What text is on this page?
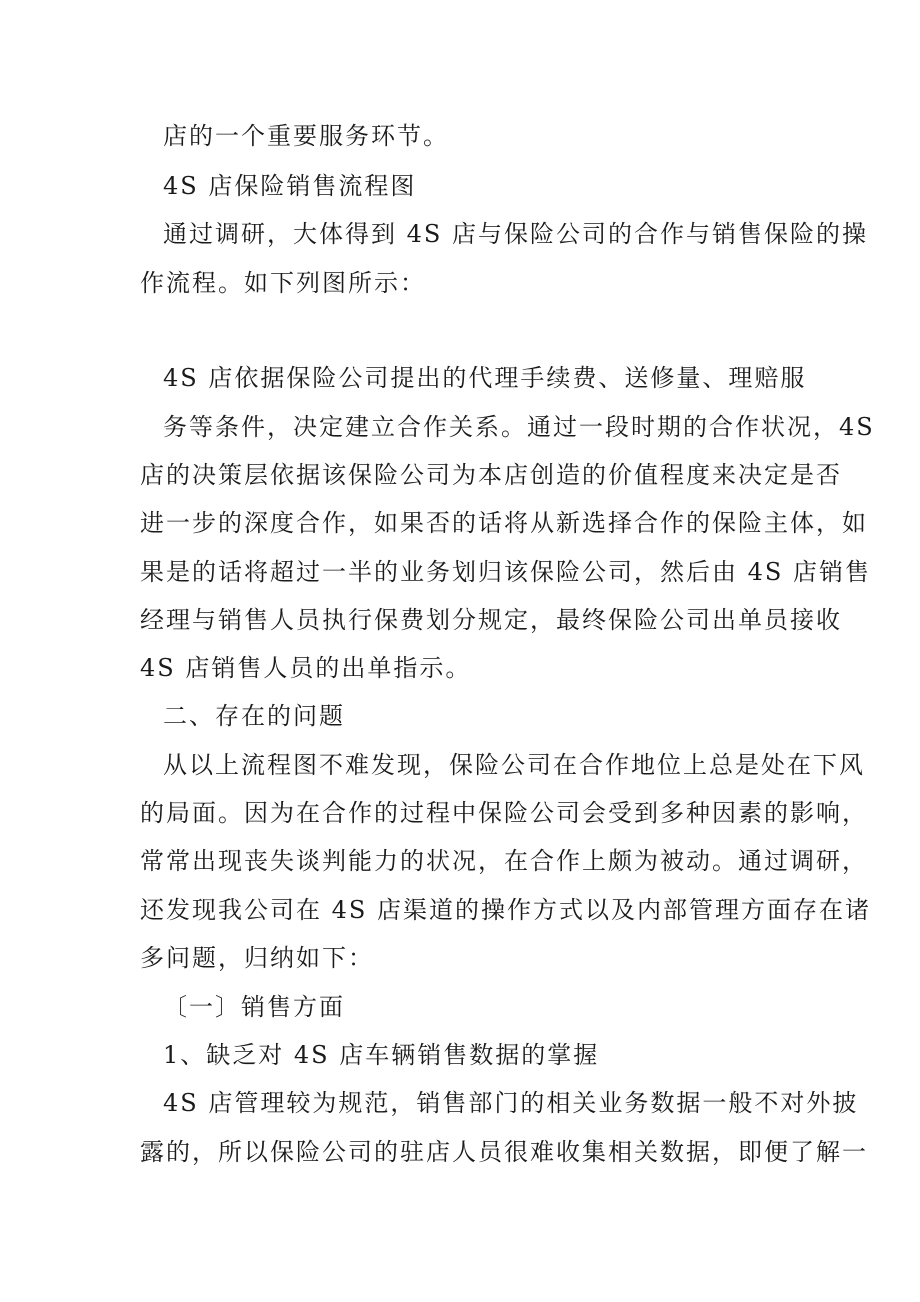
店的一个重要服务环节。
4S 店保险销售流程图
通过调研，大体得到 4S 店与保险公司的合作与销售保险的操
作流程。如下列图所示：
4S 店依据保险公司提出的代理手续费、送修量、理赔服
务等条件，决定建立合作关系。通过一段时期的合作状况，4S
店的决策层依据该保险公司为本店创造的价值程度来决定是否
进一步的深度合作，如果否的话将从新选择合作的保险主体，如
果是的话将超过一半的业务划归该保险公司，然后由 4S 店销售
经理与销售人员执行保费划分规定，最终保险公司出单员接收
4S 店销售人员的出单指示。
二、存在的问题
从以上流程图不难发现，保险公司在合作地位上总是处在下风
的局面。因为在合作的过程中保险公司会受到多种因素的影响，
常常出现丧失谈判能力的状况，在合作上颇为被动。通过调研，
还发现我公司在 4S 店渠道的操作方式以及内部管理方面存在诸
多问题，归纳如下：
〔一〕销售方面
1、缺乏对 4S 店车辆销售数据的掌握
4S 店管理较为规范，销售部门的相关业务数据一般不对外披
露的，所以保险公司的驻店人员很难收集相关数据，即便了解一
